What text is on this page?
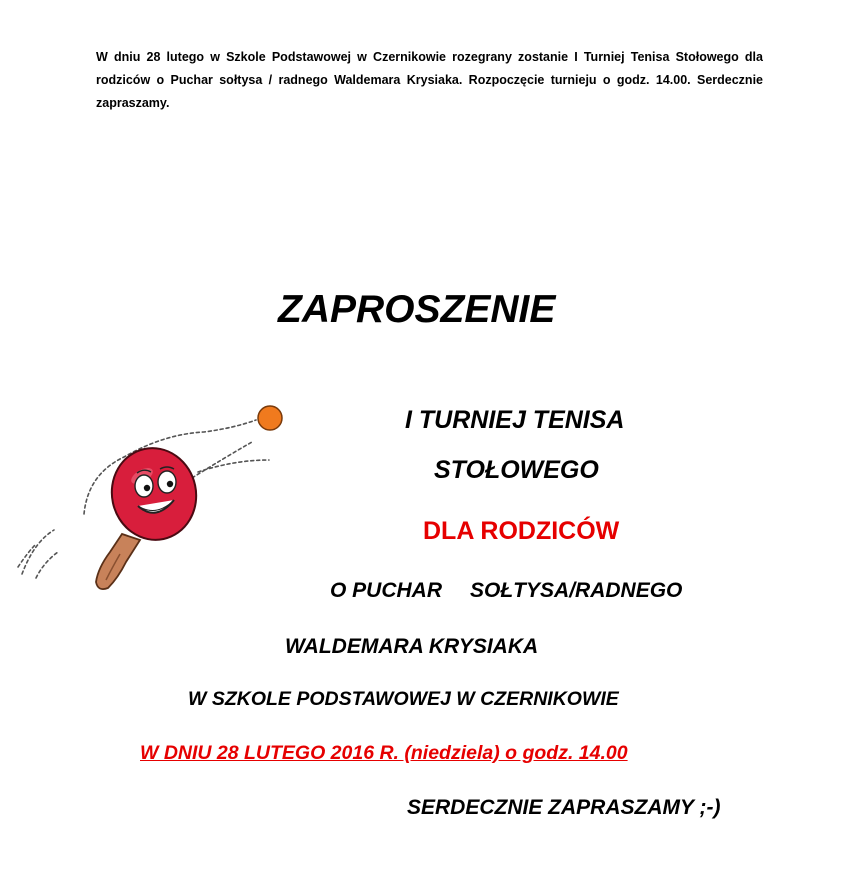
W dniu 28 lutego w Szkole Podstawowej w Czernikowie rozegrany zostanie I Turniej Tenisa Stołowego dla rodziców o Puchar sołtysa / radnego Waldemara Krysiaka. Rozpoczęcie turnieju o godz. 14.00. Serdecznie zapraszamy.
ZAPROSZENIE
I TURNIEJ TENISA
STOŁOWEGO
DLA RODZICÓW
O PUCHAR SOŁTYSA/RADNEGO
WALDEMARA KRYSIAKA
W SZKOLE PODSTAWOWEJ W CZERNIKOWIE
W DNIU 28 LUTEGO 2016 R. (niedziela) o godz. 14.00
SERDECZNIE ZAPRASZAMY ;-)
